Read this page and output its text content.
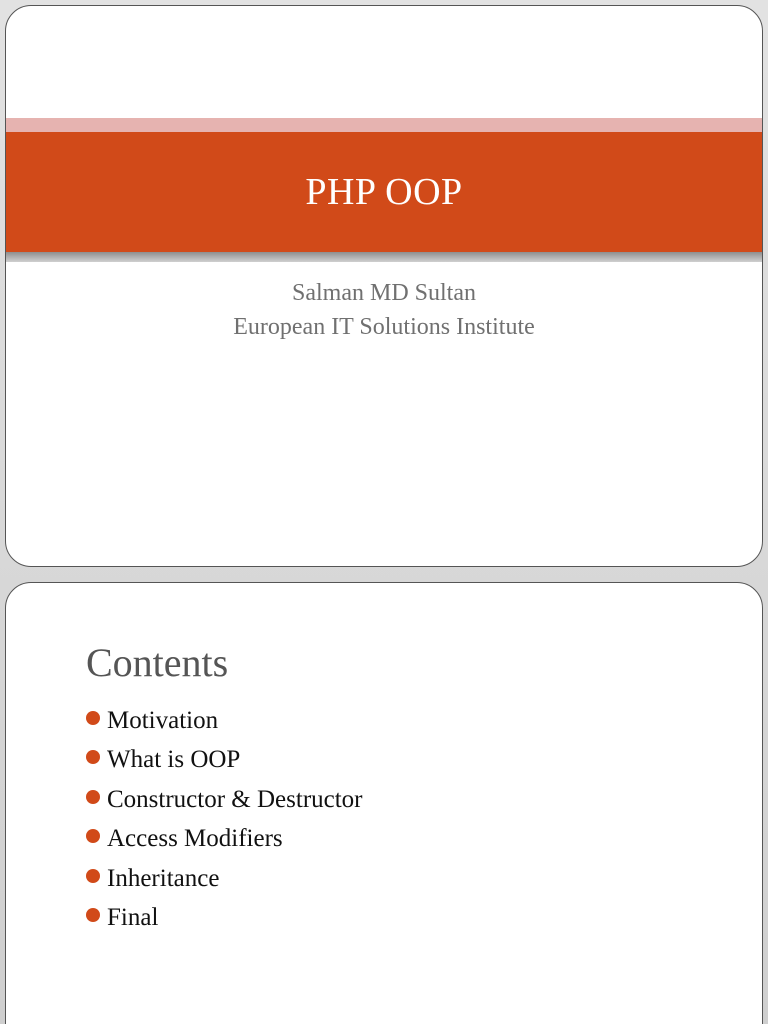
PHP OOP
Salman MD Sultan
European IT Solutions Institute
Contents
Motivation
What is OOP
Constructor & Destructor
Access Modifiers
Inheritance
Final
